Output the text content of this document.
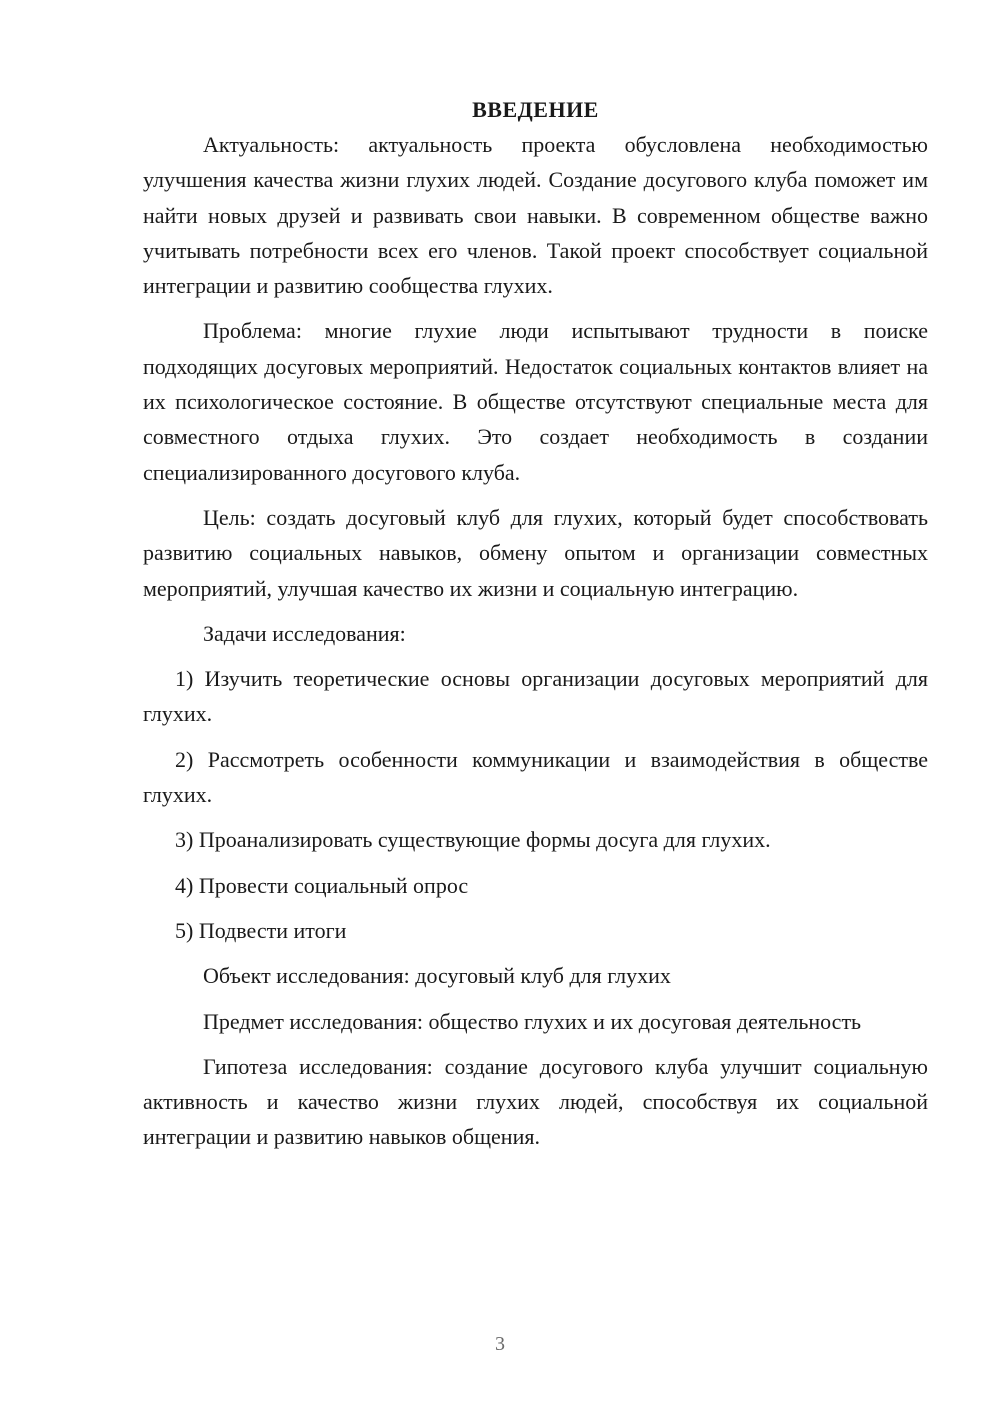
ВВЕДЕНИЕ

Актуальность: актуальность проекта обусловлена необходимостью улучшения качества жизни глухих людей. Создание досугового клуба поможет им найти новых друзей и развивать свои навыки. В современном обществе важно учитывать потребности всех его членов. Такой проект способствует социальной интеграции и развитию сообщества глухих.

Проблема: многие глухие люди испытывают трудности в поиске подходящих досуговых мероприятий. Недостаток социальных контактов влияет на их психологическое состояние. В обществе отсутствуют специальные места для совместного отдыха глухих. Это создает необходимость в создании специализированного досугового клуба.

Цель: создать досуговый клуб для глухих, который будет способствовать развитию социальных навыков, обмену опытом и организации совместных мероприятий, улучшая качество их жизни и социальную интеграцию.

Задачи исследования:

1) Изучить теоретические основы организации досуговых мероприятий для глухих.

2) Рассмотреть особенности коммуникации и взаимодействия в обществе глухих.

3) Проанализировать существующие формы досуга для глухих.

4) Провести социальный опрос

5) Подвести итоги

Объект исследования: досуговый клуб для глухих

Предмет исследования: общество глухих и их досуговая деятельность

Гипотеза исследования: создание досугового клуба улучшит социальную активность и качество жизни глухих людей, способствуя их социальной интеграции и развитию навыков общения.

3
